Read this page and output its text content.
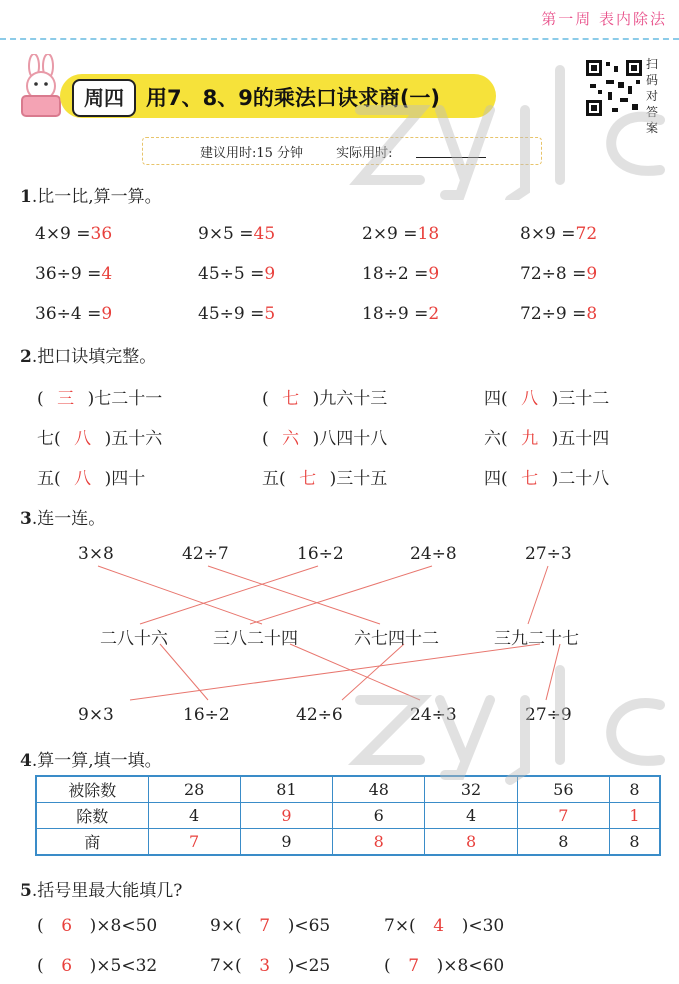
第一周 表内除法
周四	用7、8、9的乘法口诀求商(一)
扫码对答案
建议用时:15 分钟	实际用时:
1.比一比,算一算。
4×9 =36	9×5 =45	2×9 =18	8×9 =72
36÷9 =4	45÷5 =9	18÷2 =9	72÷8 =9
36÷4 =9	45÷9 =5	18÷9 =2	72÷9 =8
2.把口诀填完整。
( 三 )七二十一	( 七 )九六十三	四( 八 )三十二
七( 八 )五十六	( 六 )八四十八	六( 九 )五十四
五( 八 )四十	五( 七 )三十五	四( 七 )二十八
3.连一连。
3×8	42÷7	16÷2	24÷8	27÷3
二八十六	三八二十四	六七四十二	三九二十七
9×3	16÷2	42÷6	24÷3	27÷9
4.算一算,填一填。
被除数	28	81	48	32	56	8
除数	4	9	6	4	7	1
商	7	9	8	8	8	8
5.括号里最大能填几?
( 6 )×8<50	9×( 7 )<65	7×( 4 )<30
( 6 )×5<32	7×( 3 )<25	( 7 )×8<60
